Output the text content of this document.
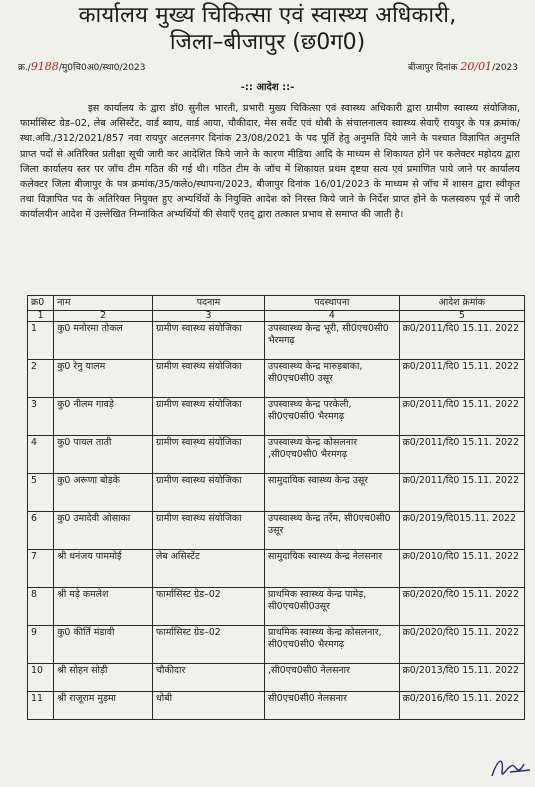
कार्यालय मुख्य चिकित्सा एवं स्वास्थ्य अधिकारी,
जिला–बीजापुर (छ0ग0)
क्र./9188/मु0चि0अ0/स्था0/2023	बीजापुर दिनांक 20/01/2023
-:: आदेश ::-

इस कार्यालय के द्वारा डॉ0 सुनील भारती, प्रभारी मुख्य चिकित्सा एवं स्वास्थ्य अधिकारी द्वारा ग्रामीण स्वास्थ्य संयोजिका, फार्मासिस्ट ग्रेड–02, लेब असिस्टेंट, वार्ड ब्वाय, वार्ड आया, चौकीदार, मेस सर्वेट एवं धोबी के संचालनालय स्वास्थ्य सेवाएँ रायपुर के पत्र क्रमांक/स्था.अवि./312/2021/857 नवा रायपुर अटलनगर दिनांक 23/08/2021 के पद पूर्ति हेतु अनुमति दिये जाने के पश्चात विज्ञापित अनुमति प्राप्त पदों से अतिरिक्त प्रतीक्षा सूची जारी कर आदेशित किये जाने के कारण मीडिया आदि के माध्यम से शिकायत होने पर कलेक्टर महोदय द्वारा जिला कार्यालय स्तर पर जॉच टीम गठित की गई थी। गठित टीम के जॉच में शिकायत प्रथम दृष्टया सत्य एवं प्रमाणित पाये जाने पर कार्यालय कलेक्टर जिला बीजापुर के पत्र क्रमांक/35/कलेo/स्थापना/2023, बीजापुर दिनांक 16/01/2023 के माध्यम से जॉच में शासन द्वारा स्वीकृत तथा विज्ञापित पद के अतिरिक्त नियुक्त हुए अभ्यर्थियों के नियुक्ति आदेश को निरस्त किये जाने के निर्देश प्राप्त होने के फलस्वरुप पूर्व में जारी कार्यालयीन आदेश में उल्लेखित निम्नांकित अभ्यर्थियों की सेवाएँ एतद् द्वारा तत्काल प्रभाव से समाप्त की जाती है।

क्र0	नाम	पदनाम	पदस्थापना	आदेश क्रमांक
1	2	3	4	5
1	कु0 मनोरमा तोकल	ग्रामीण स्वास्थ्य संयोजिका	उपस्वास्थ्य केन्द्र भूरी, सी0एच0सी0 भैरमगढ़	क्र0/2011/दि0 15.11. 2022
2	कु0 रेनु यालम	ग्रामीण स्वास्थ्य संयोजिका	उपस्वास्थ्य केन्द्र मारुड़बाका, सी0एच0सी0 उसूर	क्र0/2011/दि0 15.11. 2022
3	कु0 नीलम गावड़े	ग्रामीण स्वास्थ्य संयोजिका	उपस्वास्थ्य केन्द्र परकेली, सी0एच0सी0 भैरमगढ़	क्र0/2011/दि0 15.11. 2022
4	कु0 पायल ताती	ग्रामीण स्वास्थ्य संयोजिका	उपस्वास्थ्य केन्द्र कोसलनार ,सी0एच0सी0 भैरमगढ़	क्र0/2011/दि0 15.11. 2022
5	कु0 अरूणा बोड़के	ग्रामीण स्वास्थ्य संयोजिका	सामुदायिक स्वास्थ्य केन्द्र उसूर	क्र0/2011/दि0 15.11. 2022
6	कु0 उमादेवी ओसाका	ग्रामीण स्वास्थ्य संयोजिका	उपस्वास्थ्य केन्द्र तर्रेम, सी0एच0सी0 उसूर	क्र0/2019/दि015.11. 2022
7	श्री धनंजय पाममोई	लेब असिस्टेंट	सामुदायिक स्वास्थ्य केन्द्र नेलसनार	क्र0/2010/दि0 15.11. 2022
8	श्री मड़े कमलेश	फार्मासिस्ट ग्रेड–02	प्राथमिक स्वास्थ्य केन्द्र पामेड़, सी0एच0सी0उसूर	क्र0/2020/दि0 15.11. 2022
9	कु0 कीर्ति मंडावी	फार्मासिस्ट ग्रेड–02	प्राथमिक स्वास्थ्य केन्द्र कोसलनार, सी0एच0सी0 भैरमगढ़	क्र0/2020/दि0 15.11. 2022
10	श्री सोहन सोड़ी	चौकीदार	,सी0एच0सी0 नेलसनार	क्र0/2013/दि0 15.11. 2022
11	श्री राजूराम मुड़मा	धोबी	सी0एच0सी0 नेलसनार	क्र0/2016/दि0 15.11. 2022
